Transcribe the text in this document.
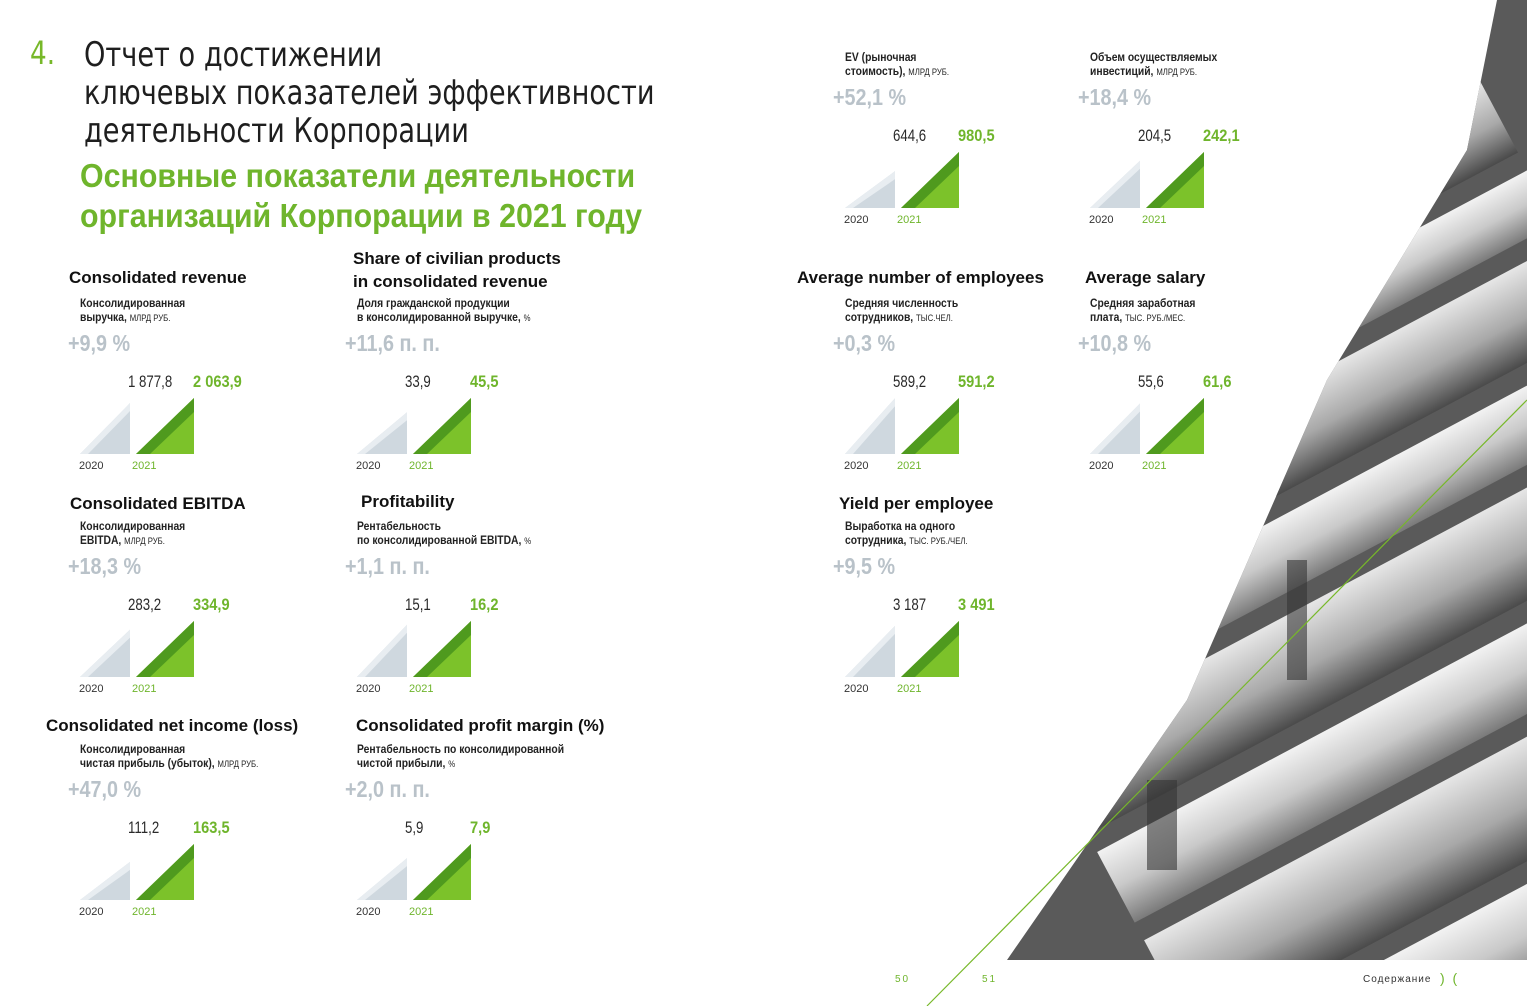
4. Отчет о достижении
ключевых показателей эффективности
деятельности Корпорации
Основные показатели деятельности
организаций Корпорации в 2021 году
Consolidated revenue
Консолидированная
выручка, МЛРД РУБ.
+9,9 %
1 877,8 2 063,9
2020	2021
Share of civilian products
in consolidated revenue
Доля гражданской продукции
в консолидированной выручке, %
+11,6 п. п.
33,9 45,5
2020	2021
Consolidated EBITDA
Консолидированная
EBITDA, МЛРД РУБ.
+18,3 %
283,2 334,9
2020	2021
Profitability
Рентабельность
по консолидированной EBITDA, %
+1,1 п. п.
15,1 16,2
2020	2021
Consolidated net income (loss)
Консолидированная
чистая прибыль (убыток), МЛРД РУБ.
+47,0 %
111,2 163,5
2020	2021
Consolidated profit margin (%)
Рентабельность по консолидированной
чистой прибыли, %
+2,0 п. п.
5,9	7,9
2020	2021
EV (рыночная
стоимость), МЛРД РУБ.
+52,1 %
644,6 980,5
2020	2021
Объем осуществляемых
инвестиций, МЛРД РУБ.
+18,4 %
204,5 242,1
2020	2021
Average number of employees
Средняя численность
сотрудников, ТЫС.ЧЕЛ.
+0,3 %
589,2 591,2
2020	2021
Average salary
Средняя заработная
плата, ТЫС. РУБ./МЕС.
+10,8 %
55,6 61,6
2020	2021
Yield per employee
Выработка на одного
сотрудника, ТЫС. РУБ./ЧЕЛ.
+9,5 %
3 187 3 491
2020	2021
50	51	Содержание ) (
